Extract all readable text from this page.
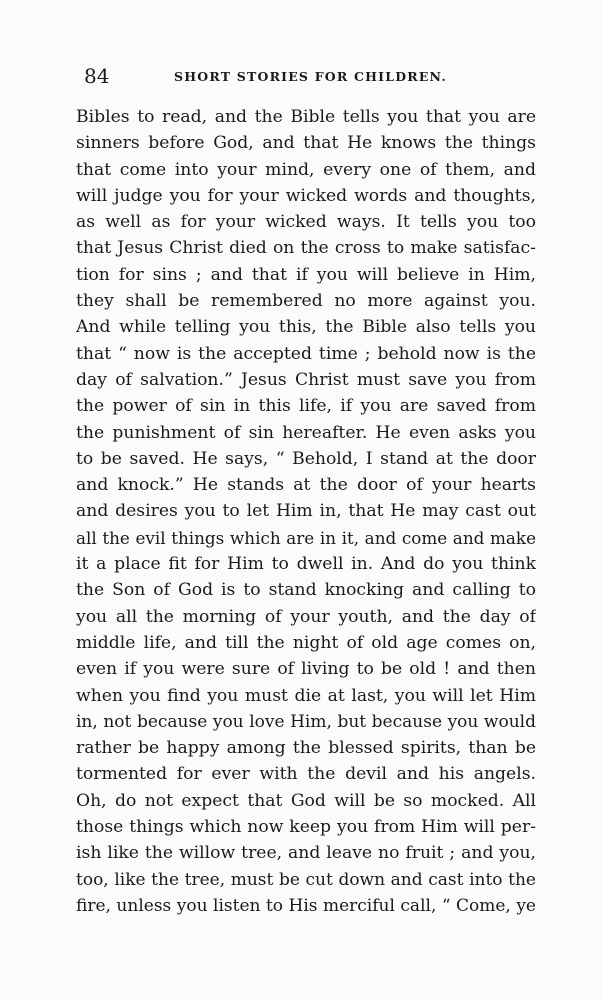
84	SHORT STORIES FOR CHILDREN.
Bibles to read, and the Bible tells you that you are
sinners before God, and that He knows the things
that come into your mind, every one of them, and
will judge you for your wicked words and thoughts,
as well as for your wicked ways. It tells you too
that Jesus Christ died on the cross to make satisfac-
tion for sins ; and that if you will believe in Him,
they shall be remembered no more against you.
And while telling you this, the Bible also tells you
that “ now is the accepted time ; behold now is the
day of salvation.” Jesus Christ must save you from
the power of sin in this life, if you are saved from
the punishment of sin hereafter. He even asks you
to be saved. He says, “ Behold, I stand at the door
and knock.” He stands at the door of your hearts
and desires you to let Him in, that He may cast out
all the evil things which are in it, and come and make
it a place fit for Him to dwell in. And do you think
the Son of God is to stand knocking and calling to
you all the morning of your youth, and the day of
middle life, and till the night of old age comes on,
even if you were sure of living to be old ! and then
when you find you must die at last, you will let Him
in, not because you love Him, but because you would
rather be happy among the blessed spirits, than be
tormented for ever with the devil and his angels.
Oh, do not expect that God will be so mocked. All
those things which now keep you from Him will per-
ish like the willow tree, and leave no fruit ; and you,
too, like the tree, must be cut down and cast into the
fire, unless you listen to His merciful call, “ Come, ye
